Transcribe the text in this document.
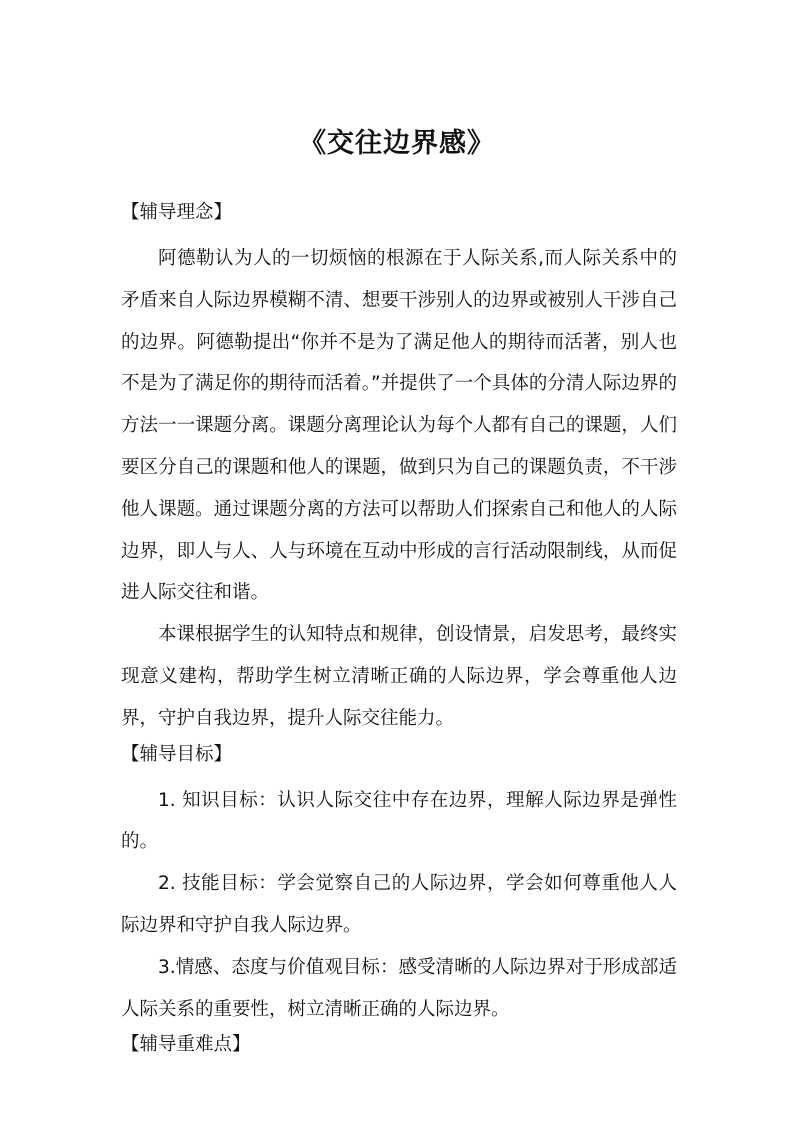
《交往边界感》
【辅导理念】

阿德勒认为人的一切烦恼的根源在于人际关系,而人际关系中的矛盾来自人际边界模糊不清、想要干涉别人的边界或被别人干涉自己的边界。阿德勒提出“你并不是为了满足他人的期待而活著，别人也不是为了满足你的期待而活着。”并提供了一个具体的分清人际边界的方法一一课题分离。课题分离理论认为每个人都有自己的课题，人们要区分自己的课题和他人的课题，做到只为自己的课题负责，不干涉他人课题。通过课题分离的方法可以帮助人们探索自己和他人的人际边界，即人与人、人与环境在互动中形成的言行活动限制线，从而促进人际交往和谐。

本课根据学生的认知特点和规律，创设情景，启发思考，最终实现意义建构，帮助学生树立清晰正确的人际边界，学会尊重他人边界，守护自我边界，提升人际交往能力。

【辅导目标】

1. 知识目标：认识人际交往中存在边界，理解人际边界是弹性的。

2. 技能目标：学会觉察自己的人际边界，学会如何尊重他人人际边界和守护自我人际边界。

3.情感、态度与价值观目标：感受清晰的人际边界对于形成部适人际关系的重要性，树立清晰正确的人际边界。

【辅导重难点】
